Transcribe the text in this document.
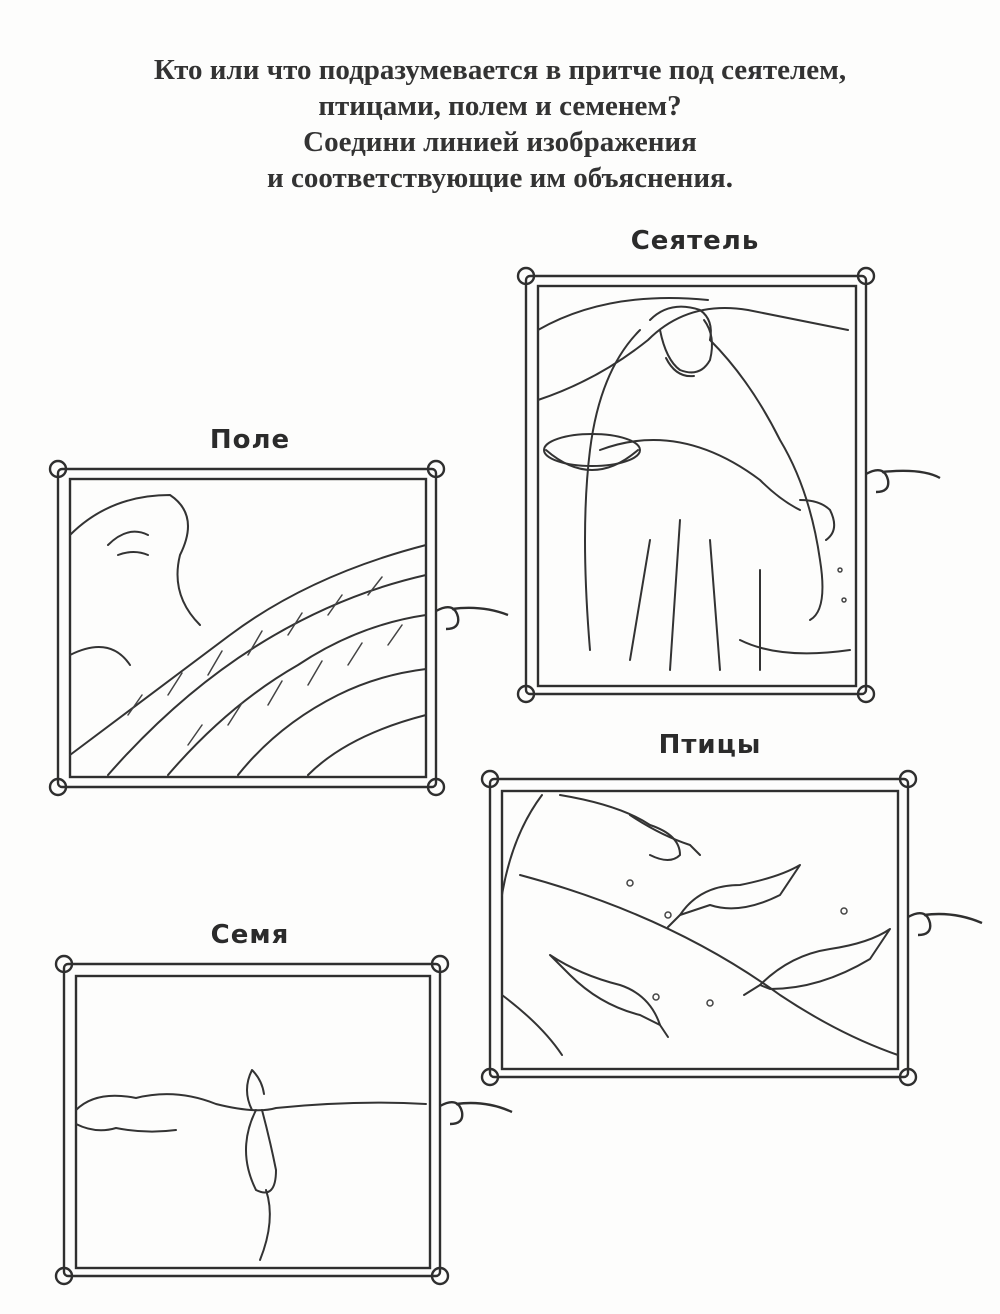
Кто или что подразумевается в притче под сеятелем,
птицами, полем и семенем?
Соедини линией изображения
и соответствующие им объяснения.
Сеятель
Поле
Птицы
Семя
